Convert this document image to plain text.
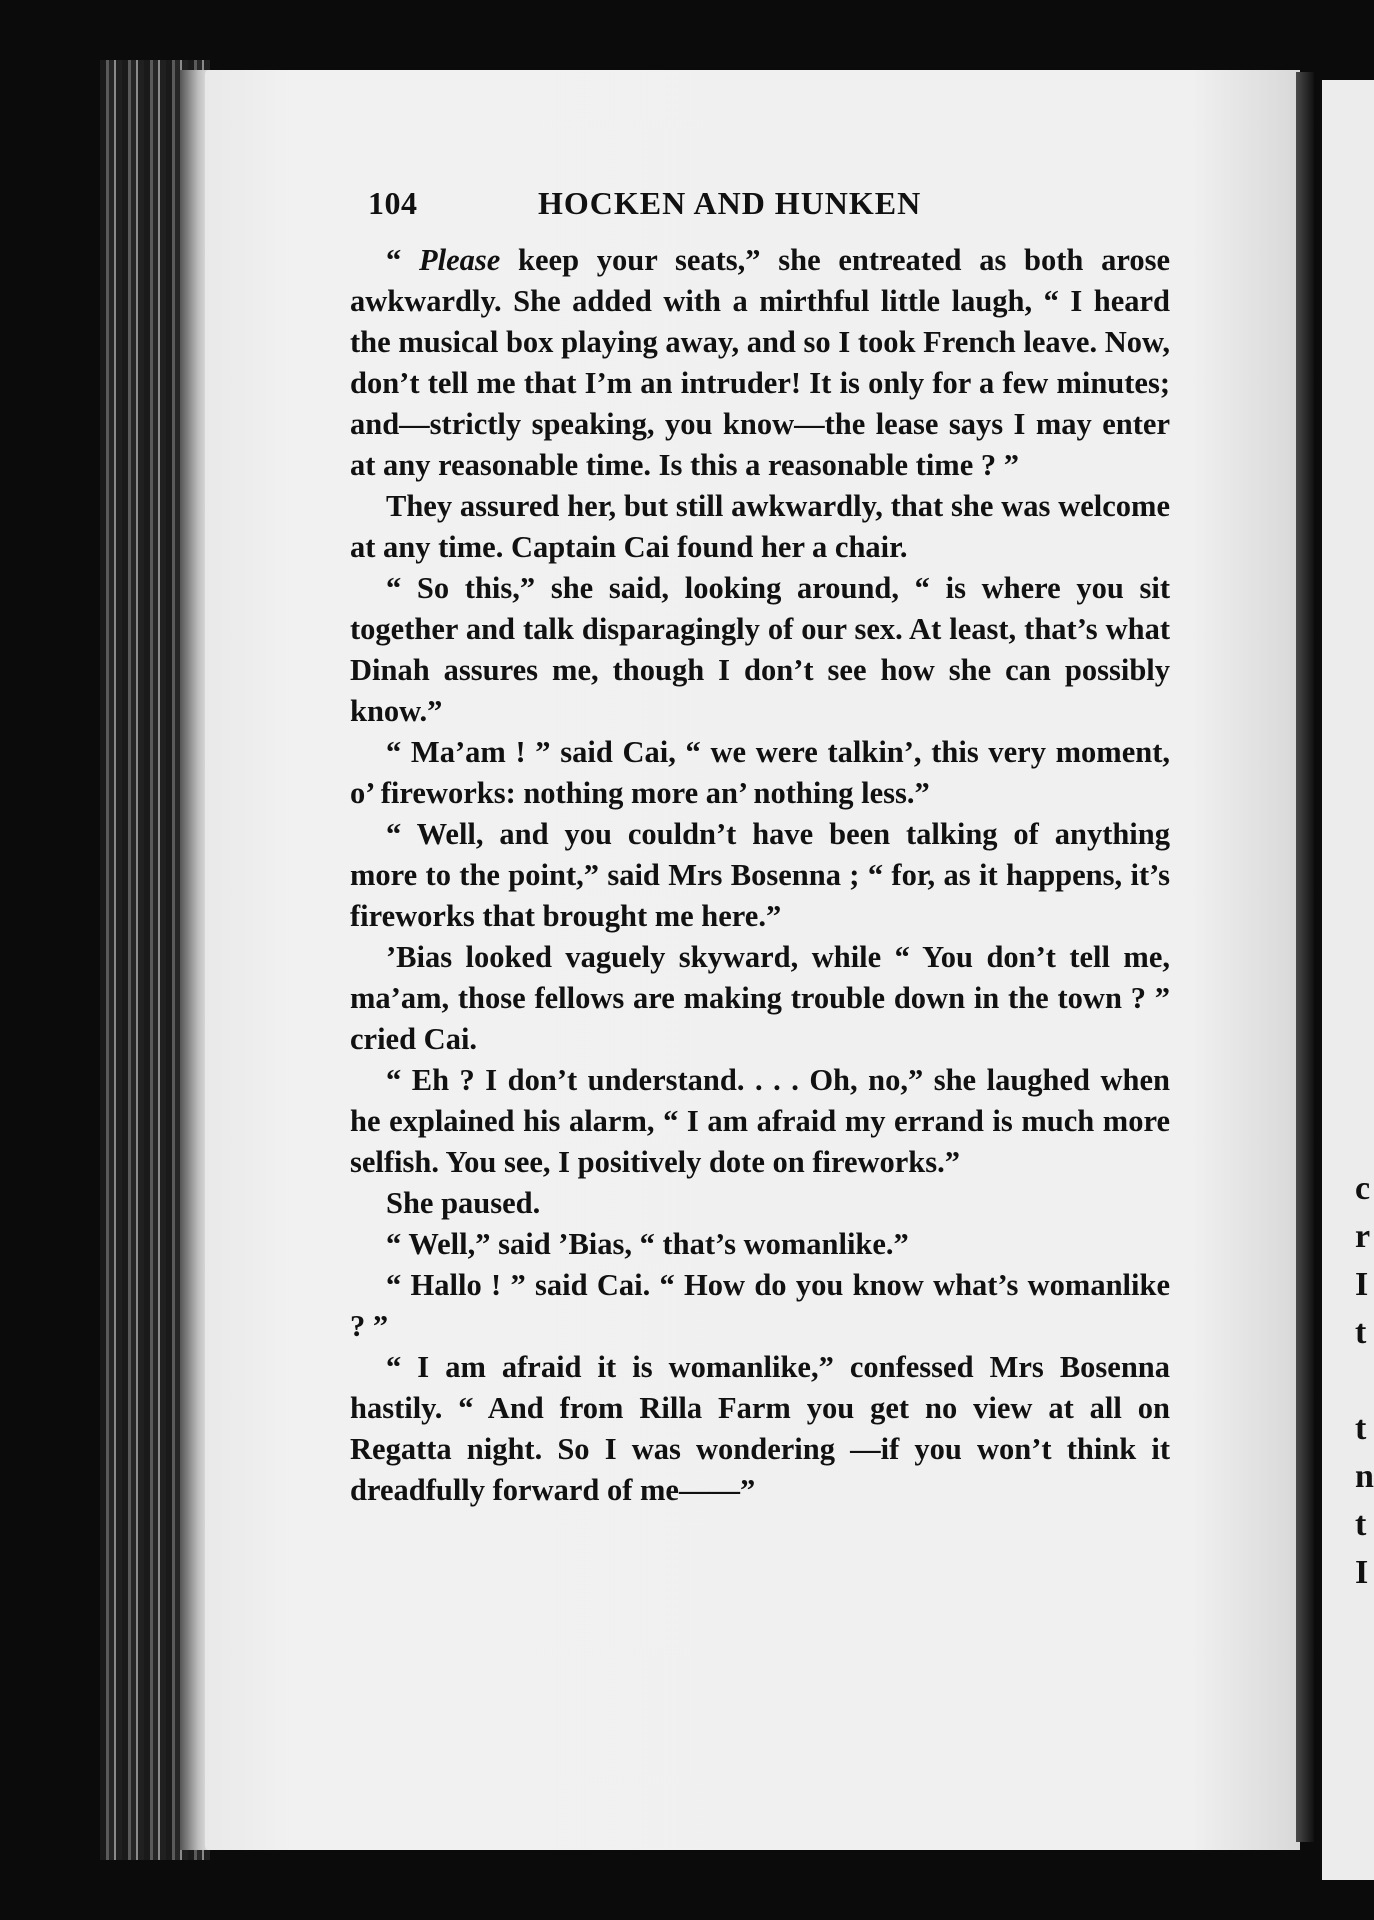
c
r
I
t
t
n
t
I
104	HOCKEN AND HUNKEN

“ Please keep your seats,” she entreated as both arose awkwardly. She added with a mirthful little laugh, “ I heard the musical box playing away, and so I took French leave. Now, don’t tell me that I’m an intruder! It is only for a few minutes; and—strictly speaking, you know—the lease says I may enter at any reasonable time. Is this a reasonable time ? ”

They assured her, but still awkwardly, that she was welcome at any time. Captain Cai found her a chair.

“ So this,” she said, looking around, “ is where you sit together and talk disparagingly of our sex. At least, that’s what Dinah assures me, though I don’t see how she can possibly know.”

“ Ma’am ! ” said Cai, “ we were talkin’, this very moment, o’ fireworks: nothing more an’ nothing less.”

“ Well, and you couldn’t have been talking of anything more to the point,” said Mrs Bosenna ; “ for, as it happens, it’s fireworks that brought me here.”

’Bias looked vaguely skyward, while “ You don’t tell me, ma’am, those fellows are making trouble down in the town ? ” cried Cai.

“ Eh ? I don’t understand. . . . Oh, no,” she laughed when he explained his alarm, “ I am afraid my errand is much more selfish. You see, I positively dote on fireworks.”

She paused.

“ Well,” said ’Bias, “ that’s womanlike.”

“ Hallo ! ” said Cai. “ How do you know what’s womanlike ? ”

“ I am afraid it is womanlike,” confessed Mrs Bosenna hastily. “ And from Rilla Farm you get no view at all on Regatta night. So I was wondering —if you won’t think it dreadfully forward of me——”
